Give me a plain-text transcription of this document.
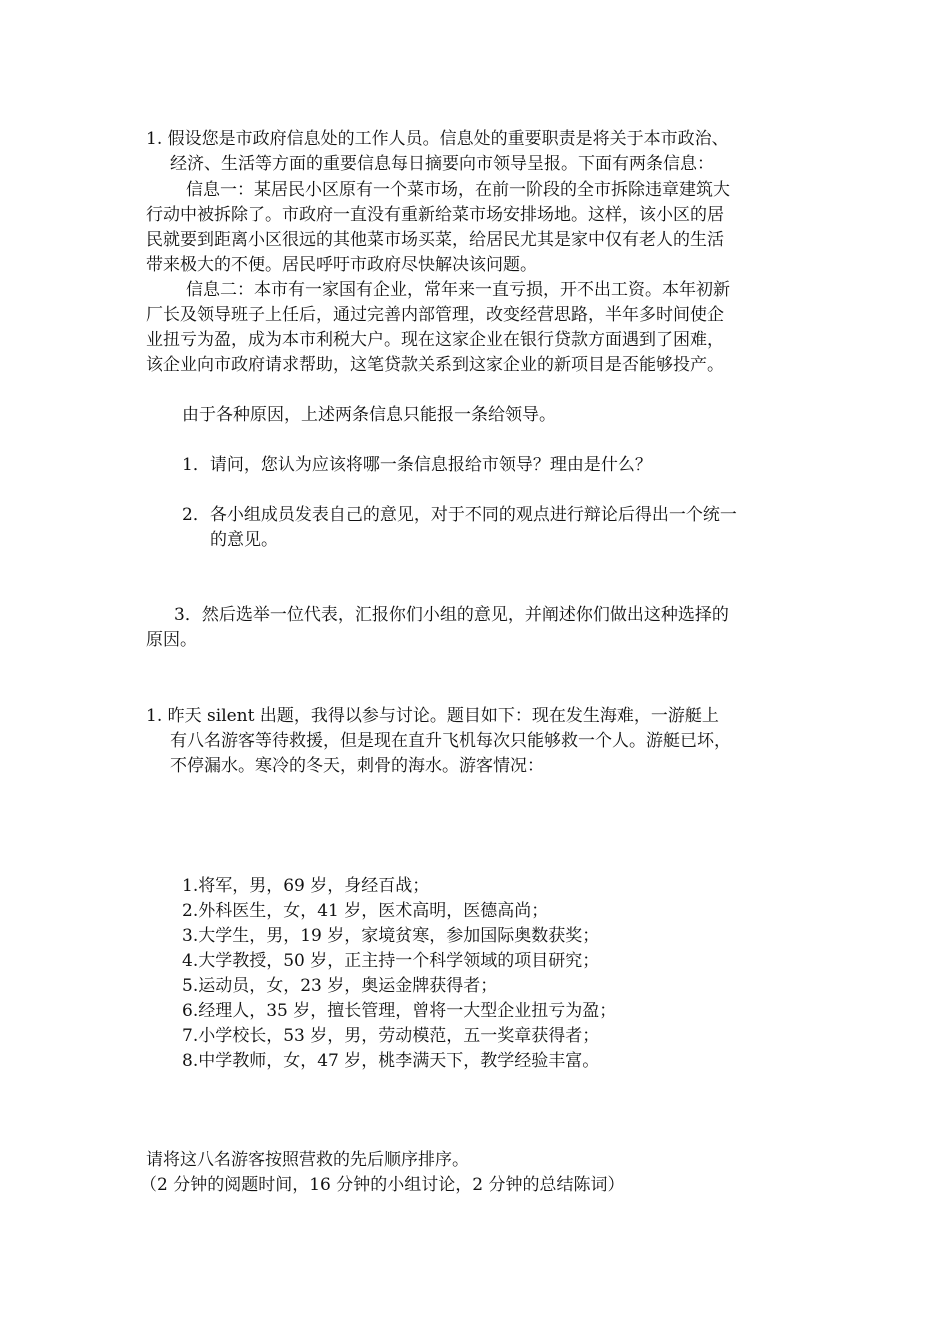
1. 假设您是市政府信息处的工作人员。信息处的重要职责是将关于本市政治、
经济、生活等方面的重要信息每日摘要向市领导呈报。下面有两条信息：
信息一：某居民小区原有一个菜市场，在前一阶段的全市拆除违章建筑大
行动中被拆除了。市政府一直没有重新给菜市场安排场地。这样，该小区的居
民就要到距离小区很远的其他菜市场买菜，给居民尤其是家中仅有老人的生活
带来极大的不便。居民呼吁市政府尽快解决该问题。
信息二：本市有一家国有企业，常年来一直亏损，开不出工资。本年初新
厂长及领导班子上任后，通过完善内部管理，改变经营思路，半年多时间使企
业扭亏为盈，成为本市利税大户。现在这家企业在银行贷款方面遇到了困难，
该企业向市政府请求帮助，这笔贷款关系到这家企业的新项目是否能够投产。
由于各种原因，上述两条信息只能报一条给领导。
1．请问，您认为应该将哪一条信息报给市领导？理由是什么？
2．各小组成员发表自己的意见，对于不同的观点进行辩论后得出一个统一
的意见。
3．然后选举一位代表，汇报你们小组的意见，并阐述你们做出这种选择的
原因。
1. 昨天 silent 出题，我得以参与讨论。题目如下：现在发生海难，一游艇上
有八名游客等待救援，但是现在直升飞机每次只能够救一个人。游艇已坏，
不停漏水。寒冷的冬天，刺骨的海水。游客情况：
1.将军，男，69 岁，身经百战；
2.外科医生，女，41 岁，医术高明，医德高尚；
3.大学生，男，19 岁，家境贫寒，参加国际奥数获奖；
4.大学教授，50 岁，正主持一个科学领域的项目研究；
5.运动员，女，23 岁，奥运金牌获得者；
6.经理人，35 岁，擅长管理，曾将一大型企业扭亏为盈；
7.小学校长，53 岁，男，劳动模范，五一奖章获得者；
8.中学教师，女，47 岁，桃李满天下，教学经验丰富。
请将这八名游客按照营救的先后顺序排序。
（2 分钟的阅题时间，16 分钟的小组讨论，2 分钟的总结陈词）
